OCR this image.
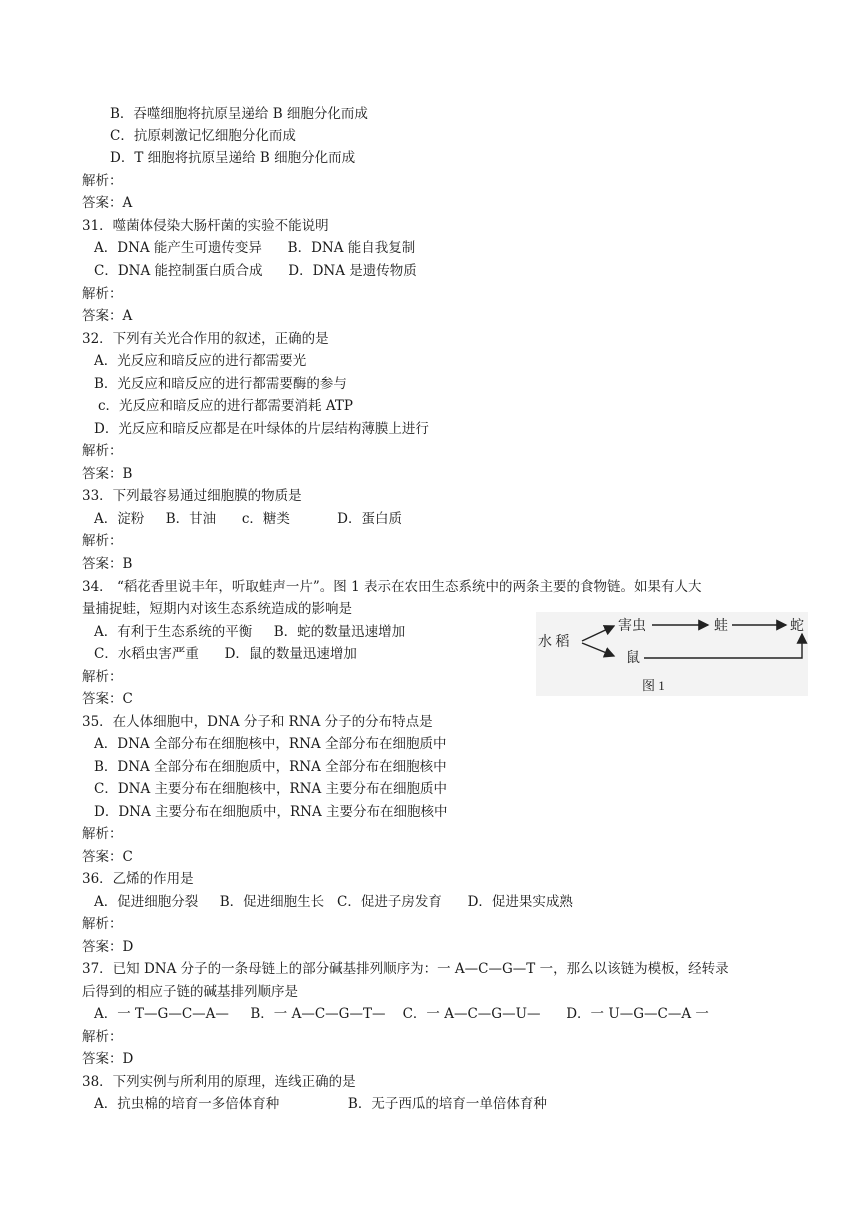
B．吞噬细胞将抗原呈递给 B 细胞分化而成
C．抗原刺激记忆细胞分化而成
D．T 细胞将抗原呈递给 B 细胞分化而成
解析：
答案：A
31．噬菌体侵染大肠杆菌的实验不能说明
A．DNA 能产生可遗传变异      B．DNA 能自我复制
C．DNA 能控制蛋白质合成      D．DNA 是遗传物质
解析：
答案：A
32．下列有关光合作用的叙述，正确的是
A．光反应和暗反应的进行都需要光
B．光反应和暗反应的进行都需要酶的参与
c．光反应和暗反应的进行都需要消耗 ATP
D．光反应和暗反应都是在叶绿体的片层结构薄膜上进行
解析：
答案：B
33．下列最容易通过细胞膜的物质是
A．淀粉     B．甘油      c．糖类           D．蛋白质
解析：
答案：B
34． “稻花香里说丰年，听取蛙声一片”。图 1 表示在农田生态系统中的两条主要的食物链。如果有人大
量捕捉蛙，短期内对该生态系统造成的影响是
A．有利于生态系统的平衡     B．蛇的数量迅速增加
C．水稻虫害严重      D．鼠的数量迅速增加
解析：
答案：C
水 稻
害虫	蛙	蛇
鼠
图 1
35．在人体细胞中，DNA 分子和 RNA 分子的分布特点是
A．DNA 全部分布在细胞核中，RNA 全部分布在细胞质中
B．DNA 全部分布在细胞质中，RNA 全部分布在细胞核中
C．DNA 主要分布在细胞核中，RNA 主要分布在细胞质中
D．DNA 主要分布在细胞质中，RNA 主要分布在细胞核中
解析：
答案：C
36．乙烯的作用是
A．促进细胞分裂     B．促进细胞生长   C．促进子房发育      D．促进果实成熟
解析：
答案：D
37．已知 DNA 分子的一条母链上的部分碱基排列顺序为：一 A—C—G—T 一，那么以该链为模板，经转录
后得到的相应子链的碱基排列顺序是
A．一 T—G—C—A—     B．一 A—C—G—T—    C．一 A—C—G—U—      D．一 U—G—C—A 一
解析：
答案：D
38．下列实例与所利用的原理，连线正确的是
A．抗虫棉的培育一多倍体育种                B．无子西瓜的培育一单倍体育种
